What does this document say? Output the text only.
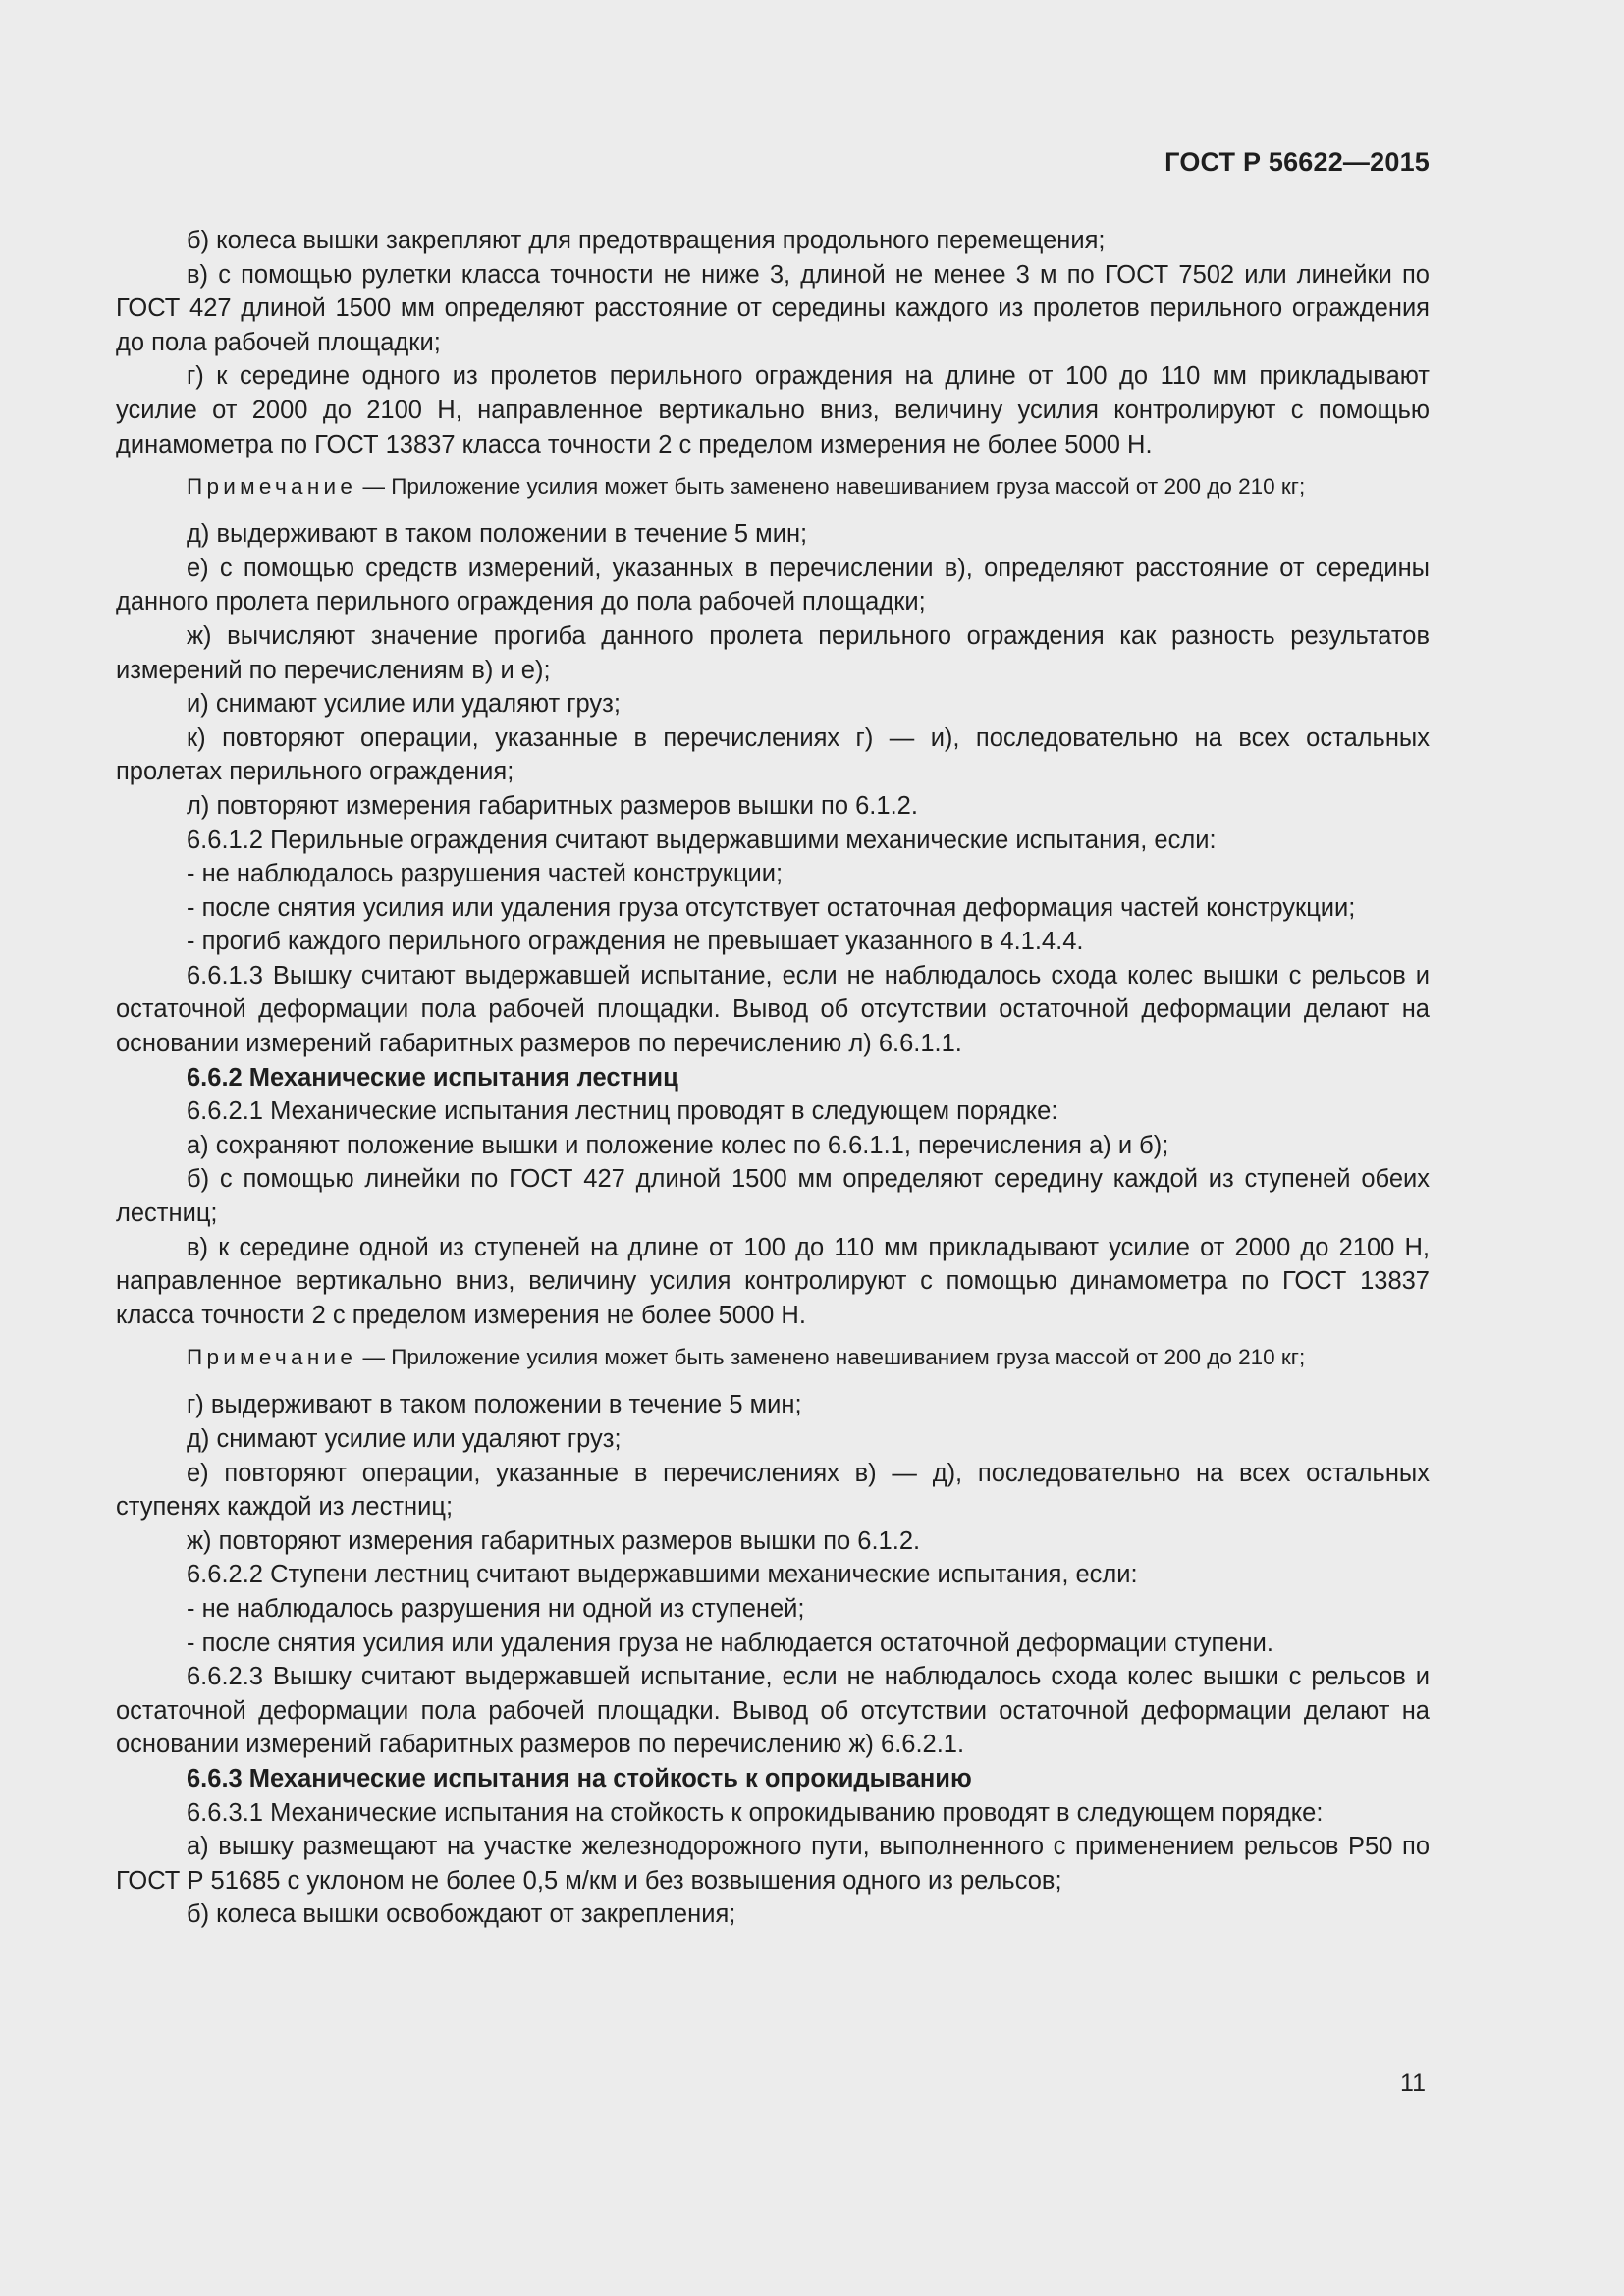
ГОСТ Р 56622—2015

б) колеса вышки закрепляют для предотвращения продольного перемещения;

в) с помощью рулетки класса точности не ниже 3, длиной не менее 3 м по ГОСТ 7502 или линейки по ГОСТ 427 длиной 1500 мм определяют расстояние от середины каждого из пролетов перильного ограждения до пола рабочей площадки;

г) к середине одного из пролетов перильного ограждения на длине от 100 до 110 мм прикладывают усилие от 2000 до 2100 Н, направленное вертикально вниз, величину усилия контролируют с помощью динамометра по ГОСТ 13837 класса точности 2 с пределом измерения не более 5000 Н.

Примечание — Приложение усилия может быть заменено навешиванием груза массой от 200 до 210 кг;

д) выдерживают в таком положении в течение 5 мин;

е) с помощью средств измерений, указанных в перечислении в), определяют расстояние от середины данного пролета перильного ограждения до пола рабочей площадки;

ж) вычисляют значение прогиба данного пролета перильного ограждения как разность результатов измерений по перечислениям в) и е);

и) снимают усилие или удаляют груз;

к) повторяют операции, указанные в перечислениях г) — и), последовательно на всех остальных пролетах перильного ограждения;

л) повторяют измерения габаритных размеров вышки по 6.1.2.

6.6.1.2 Перильные ограждения считают выдержавшими механические испытания, если:

- не наблюдалось разрушения частей конструкции;

- после снятия усилия или удаления груза отсутствует остаточная деформация частей конструкции;

- прогиб каждого перильного ограждения не превышает указанного в 4.1.4.4.

6.6.1.3 Вышку считают выдержавшей испытание, если не наблюдалось схода колес вышки с рельсов и остаточной деформации пола рабочей площадки. Вывод об отсутствии остаточной деформации делают на основании измерений габаритных размеров по перечислению л) 6.6.1.1.

6.6.2 Механические испытания лестниц

6.6.2.1 Механические испытания лестниц проводят в следующем порядке:

а) сохраняют положение вышки и положение колес по 6.6.1.1, перечисления а) и б);

б) с помощью линейки по ГОСТ 427 длиной 1500 мм определяют середину каждой из ступеней обеих лестниц;

в) к середине одной из ступеней на длине от 100 до 110 мм прикладывают усилие от 2000 до 2100 Н, направленное вертикально вниз, величину усилия контролируют с помощью динамометра по ГОСТ 13837 класса точности 2 с пределом измерения не более 5000 Н.

Примечание — Приложение усилия может быть заменено навешиванием груза массой от 200 до 210 кг;

г) выдерживают в таком положении в течение 5 мин;

д) снимают усилие или удаляют груз;

е) повторяют операции, указанные в перечислениях в) — д), последовательно на всех остальных ступенях каждой из лестниц;

ж) повторяют измерения габаритных размеров вышки по 6.1.2.

6.6.2.2 Ступени лестниц считают выдержавшими механические испытания, если:

- не наблюдалось разрушения ни одной из ступеней;

- после снятия усилия или удаления груза не наблюдается остаточной деформации ступени.

6.6.2.3 Вышку считают выдержавшей испытание, если не наблюдалось схода колес вышки с рельсов и остаточной деформации пола рабочей площадки. Вывод об отсутствии остаточной деформации делают на основании измерений габаритных размеров по перечислению ж) 6.6.2.1.

6.6.3 Механические испытания на стойкость к опрокидыванию

6.6.3.1 Механические испытания на стойкость к опрокидыванию проводят в следующем порядке:

а) вышку размещают на участке железнодорожного пути, выполненного с применением рельсов Р50 по ГОСТ Р 51685 с уклоном не более 0,5 м/км и без возвышения одного из рельсов;

б) колеса вышки освобождают от закрепления;

11
